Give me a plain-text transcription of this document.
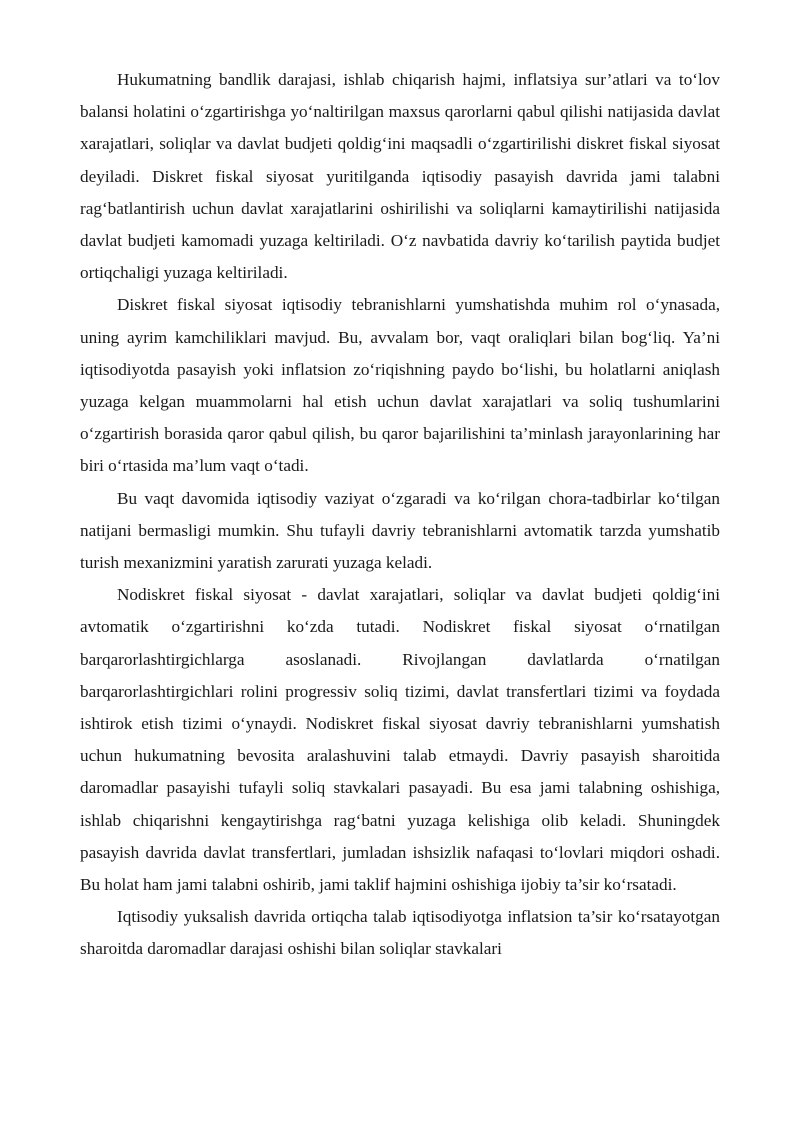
Hukumatning bandlik darajasi, ishlab chiqarish hajmi, inflatsiya sur’atlari va to‘lov balansi holatini o‘zgartirishga yo‘naltirilgan maxsus qarorlarni qabul qilishi natijasida davlat xarajatlari, soliqlar va davlat budjeti qoldig‘ini maqsadli o‘zgartirilishi diskret fiskal siyosat deyiladi. Diskret fiskal siyosat yuritilganda iqtisodiy pasayish davrida jami talabni rag‘batlantirish uchun davlat xarajatlarini oshirilishi va soliqlarni kamaytirilishi natijasida davlat budjeti kamomadi yuzaga keltiriladi. O‘z navbatida davriy ko‘tarilish paytida budjet ortiqchaligi yuzaga keltiriladi.

Diskret fiskal siyosat iqtisodiy tebranishlarni yumshatishda muhim rol o‘ynasada, uning ayrim kamchiliklari mavjud. Bu, avvalam bor, vaqt oraliqlari bilan bog‘liq. Ya’ni iqtisodiyotda pasayish yoki inflatsion zo‘riqishning paydo bo‘lishi, bu holatlarni aniqlash yuzaga kelgan muammolarni hal etish uchun davlat xarajatlari va soliq tushumlarini o‘zgartirish borasida qaror qabul qilish, bu qaror bajarilishini ta’minlash jarayonlarining har biri o‘rtasida ma’lum vaqt o‘tadi.

Bu vaqt davomida iqtisodiy vaziyat o‘zgaradi va ko‘rilgan chora-tadbirlar ko‘tilgan natijani bermasligi mumkin. Shu tufayli davriy tebranishlarni avtomatik tarzda yumshatib turish mexanizmini yaratish zarurati yuzaga keladi.

Nodiskret fiskal siyosat - davlat xarajatlari, soliqlar va davlat budjeti qoldig‘ini avtomatik o‘zgartirishni ko‘zda tutadi. Nodiskret fiskal siyosat o‘rnatilgan barqarorlashtirgichlarga asoslanadi. Rivojlangan davlatlarda o‘rnatilgan barqarorlashtirgichlari rolini progressiv soliq tizimi, davlat transfertlari tizimi va foydada ishtirok etish tizimi o‘ynaydi. Nodiskret fiskal siyosat davriy tebranishlarni yumshatish uchun hukumatning bevosita aralashuvini talab etmaydi. Davriy pasayish sharoitida daromadlar pasayishi tufayli soliq stavkalari pasayadi. Bu esa jami talabning oshishiga, ishlab chiqarishni kengaytirishga rag‘batni yuzaga kelishiga olib keladi. Shuningdek pasayish davrida davlat transfertlari, jumladan ishsizlik nafaqasi to‘lovlari miqdori oshadi. Bu holat ham jami talabni oshirib, jami taklif hajmini oshishiga ijobiy ta’sir ko‘rsatadi.

Iqtisodiy yuksalish davrida ortiqcha talab iqtisodiyotga inflatsion ta’sir ko‘rsatayotgan sharoitda daromadlar darajasi oshishi bilan soliqlar stavkalari
